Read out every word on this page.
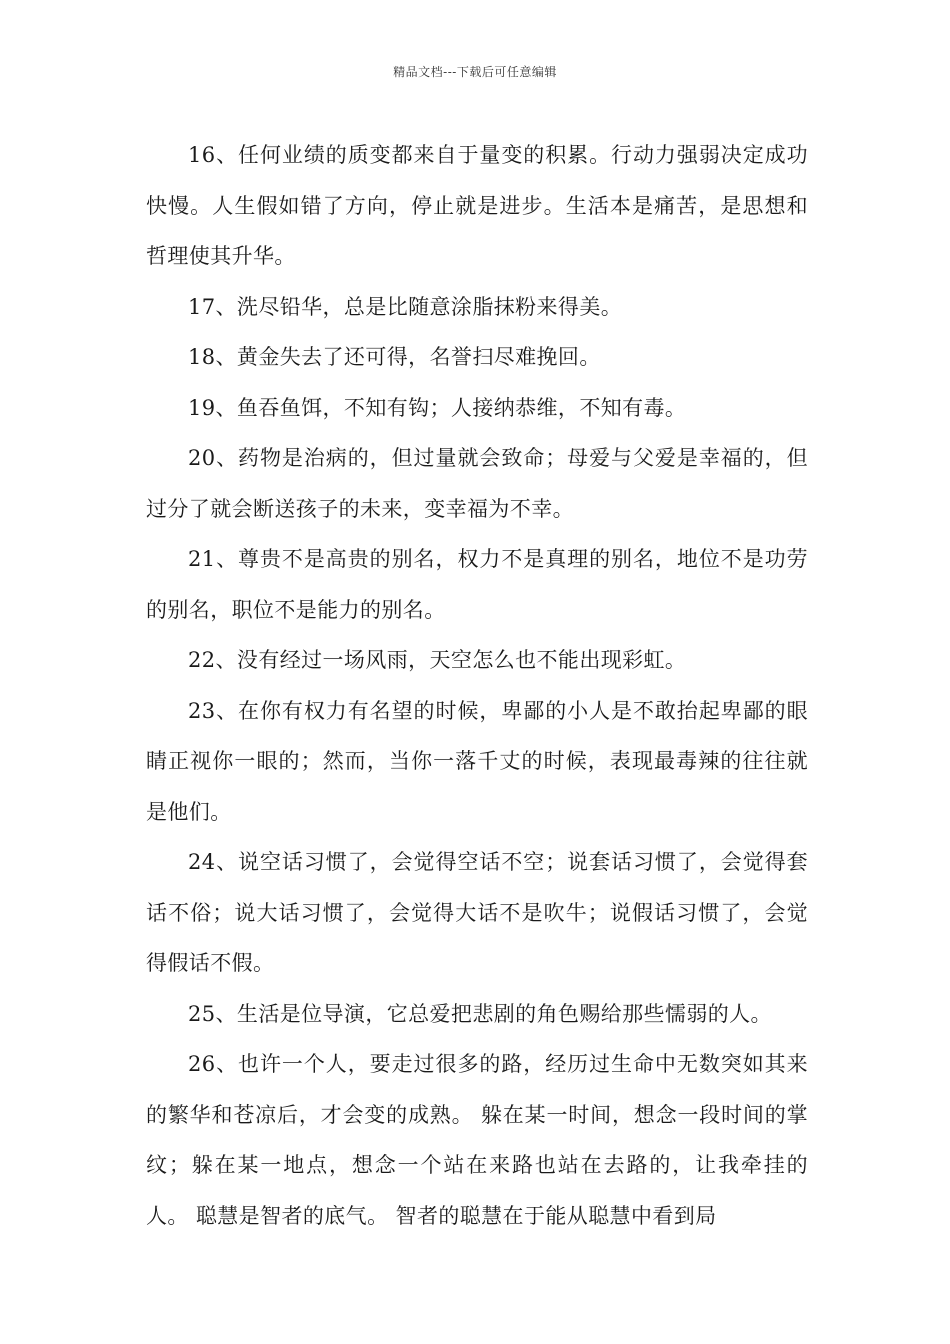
精品文档---下载后可任意编辑

16、任何业绩的质变都来自于量变的积累。行动力强弱决定成功快慢。人生假如错了方向，停止就是进步。生活本是痛苦，是思想和哲理使其升华。

17、洗尽铅华，总是比随意涂脂抹粉来得美。

18、黄金失去了还可得，名誉扫尽难挽回。

19、鱼吞鱼饵，不知有钩；人接纳恭维，不知有毒。

20、药物是治病的，但过量就会致命；母爱与父爱是幸福的，但过分了就会断送孩子的未来，变幸福为不幸。

21、尊贵不是高贵的别名，权力不是真理的别名，地位不是功劳的别名，职位不是能力的别名。

22、没有经过一场风雨，天空怎么也不能出现彩虹。

23、在你有权力有名望的时候，卑鄙的小人是不敢抬起卑鄙的眼睛正视你一眼的；然而，当你一落千丈的时候，表现最毒辣的往往就是他们。

24、说空话习惯了，会觉得空话不空；说套话习惯了，会觉得套话不俗；说大话习惯了，会觉得大话不是吹牛；说假话习惯了，会觉得假话不假。

25、生活是位导演，它总爱把悲剧的角色赐给那些懦弱的人。

26、也许一个人，要走过很多的路，经历过生命中无数突如其来的繁华和苍凉后，才会变的成熟。 躲在某一时间，想念一段时间的掌纹；躲在某一地点，想念一个站在来路也站在去路的，让我牵挂的人。 聪慧是智者的底气。 智者的聪慧在于能从聪慧中看到局
